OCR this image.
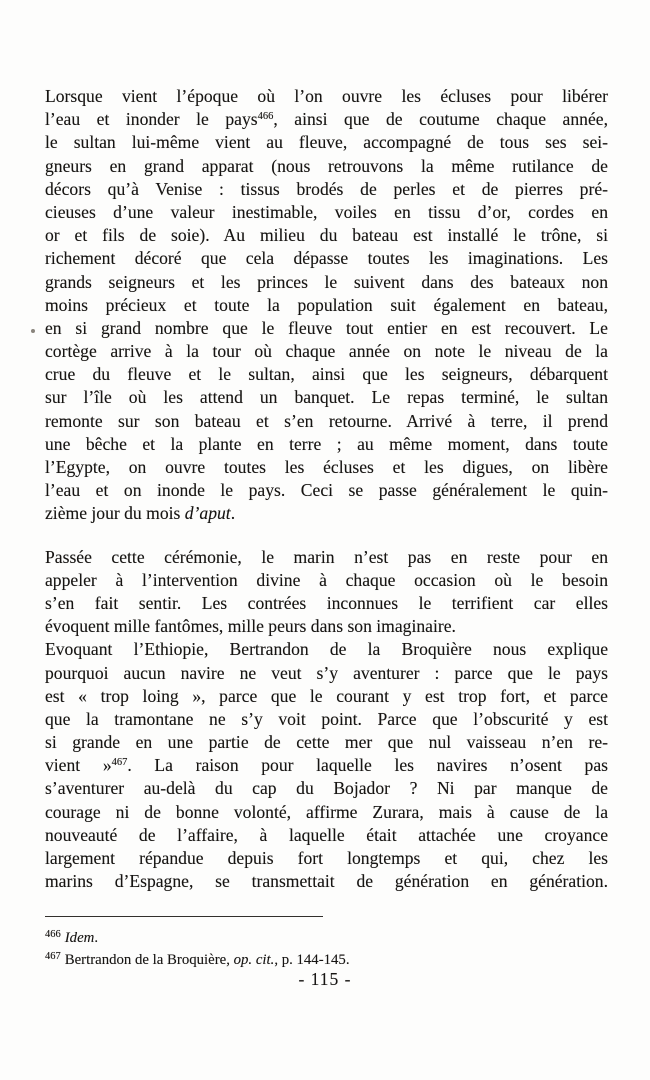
Lorsque vient l’époque où l’on ouvre les écluses pour libérer
l’eau et inonder le pays$^{466}$, ainsi que de coutume chaque année,
le sultan lui-même vient au fleuve, accompagné de tous ses sei-
gneurs en grand apparat (nous retrouvons la même rutilance de
décors qu’à Venise : tissus brodés de perles et de pierres pré-
cieuses d’une valeur inestimable, voiles en tissu d’or, cordes en
or et fils de soie). Au milieu du bateau est installé le trône, si
richement décoré que cela dépasse toutes les imaginations. Les
grands seigneurs et les princes le suivent dans des bateaux non
moins précieux et toute la population suit également en bateau,
en si grand nombre que le fleuve tout entier en est recouvert. Le
cortège arrive à la tour où chaque année on note le niveau de la
crue du fleuve et le sultan, ainsi que les seigneurs, débarquent
sur l’île où les attend un banquet. Le repas terminé, le sultan
remonte sur son bateau et s’en retourne. Arrivé à terre, il prend
une bêche et la plante en terre ; au même moment, dans toute
l’Egypte, on ouvre toutes les écluses et les digues, on libère
l’eau et on inonde le pays. Ceci se passe généralement le quin-
zième jour du mois d’aput.
Passée cette cérémonie, le marin n’est pas en reste pour en
appeler à l’intervention divine à chaque occasion où le besoin
s’en fait sentir. Les contrées inconnues le terrifient car elles
évoquent mille fantômes, mille peurs dans son imaginaire.
Evoquant l’Ethiopie, Bertrandon de la Broquière nous explique
pourquoi aucun navire ne veut s’y aventurer : parce que le pays
est « trop loing », parce que le courant y est trop fort, et parce
que la tramontane ne s’y voit point. Parce que l’obscurité y est
si grande en une partie de cette mer que nul vaisseau n’en re-
vient »$^{467}$. La raison pour laquelle les navires n’osent pas
s’aventurer au-delà du cap du Bojador ? Ni par manque de
courage ni de bonne volonté, affirme Zurara, mais à cause de la
nouveauté de l’affaire, à laquelle était attachée une croyance
largement répandue depuis fort longtemps et qui, chez les
marins d’Espagne, se transmettait de génération en génération.
$^{466}$ Idem.
$^{467}$ Bertrandon de la Broquière, op. cit., p. 144-145.
- 115 -
